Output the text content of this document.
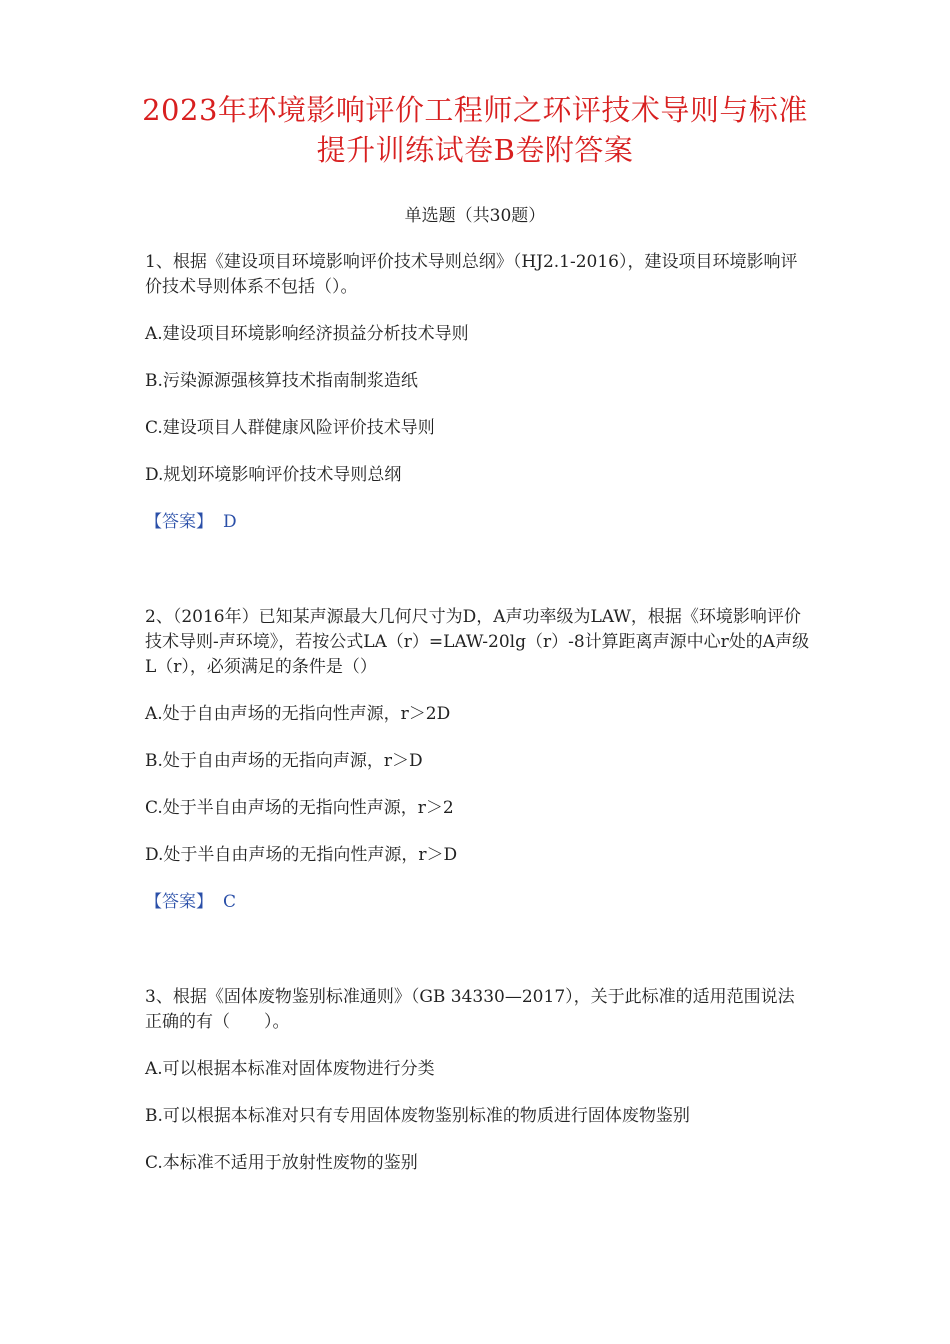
2023年环境影响评价工程师之环评技术导则与标准
提升训练试卷B卷附答案
单选题（共30题）

1、根据《建设项目环境影响评价技术导则总纲》（HJ2.1-2016），建设项目环境影响评价技术导则体系不包括（）。

A.建设项目环境影响经济损益分析技术导则
B.污染源源强核算技术指南制浆造纸
C.建设项目人群健康风险评价技术导则
D.规划环境影响评价技术导则总纲
【答案】 D

2、（2016年）已知某声源最大几何尺寸为D，A声功率级为LAW，根据《环境影响评价技术导则-声环境》，若按公式LA（r）=LAW-20lg（r）-8计算距离声源中心r处的A声级L（r），必须满足的条件是（）

A.处于自由声场的无指向性声源，r＞2D
B.处于自由声场的无指向声源，r＞D
C.处于半自由声场的无指向性声源，r＞2
D.处于半自由声场的无指向性声源，r＞D
【答案】 C

3、根据《固体废物鉴别标准通则》（GB 34330—2017），关于此标准的适用范围说法正确的有（　　）。

A.可以根据本标准对固体废物进行分类
B.可以根据本标准对只有专用固体废物鉴别标准的物质进行固体废物鉴别
C.本标准不适用于放射性废物的鉴别
